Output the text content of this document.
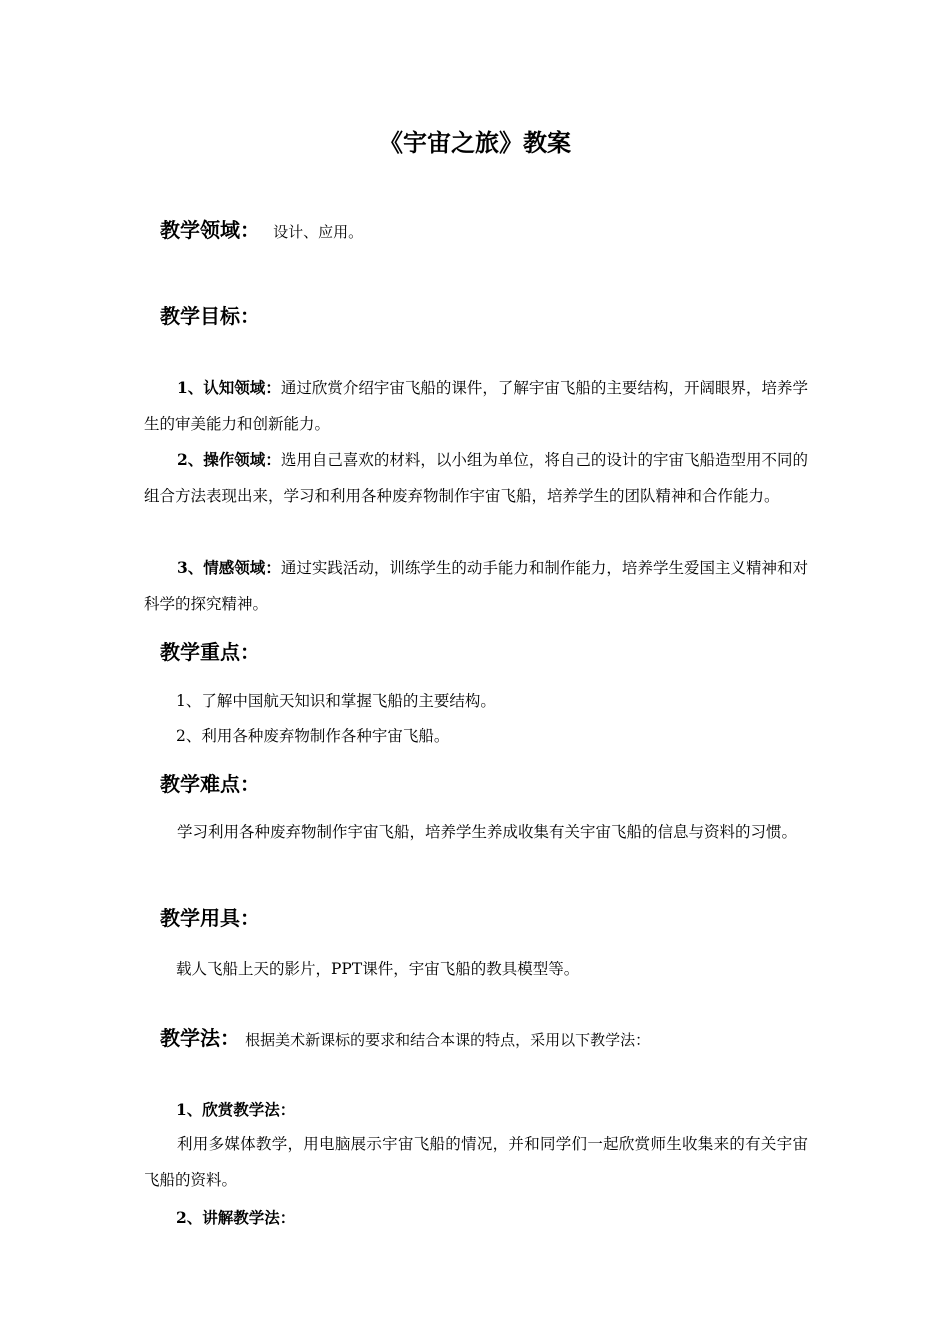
《宇宙之旅》教案
教学领域： 设计、应用。
教学目标：
1、认知领域：通过欣赏介绍宇宙飞船的课件，了解宇宙飞船的主要结构，开阔眼界，培养学生的审美能力和创新能力。
2、操作领域：选用自己喜欢的材料，以小组为单位，将自己的设计的宇宙飞船造型用不同的组合方法表现出来，学习和利用各种废弃物制作宇宙飞船，培养学生的团队精神和合作能力。
3、情感领域：通过实践活动，训练学生的动手能力和制作能力，培养学生爱国主义精神和对科学的探究精神。
教学重点：
1、了解中国航天知识和掌握飞船的主要结构。
2、利用各种废弃物制作各种宇宙飞船。
教学难点：
学习利用各种废弃物制作宇宙飞船，培养学生养成收集有关宇宙飞船的信息与资料的习惯。
教学用具：
载人飞船上天的影片，PPT课件，宇宙飞船的教具模型等。
教学法： 根据美术新课标的要求和结合本课的特点，采用以下教学法：
1、欣赏教学法：
利用多媒体教学，用电脑展示宇宙飞船的情况，并和同学们一起欣赏师生收集来的有关宇宙飞船的资料。
2、讲解教学法：
